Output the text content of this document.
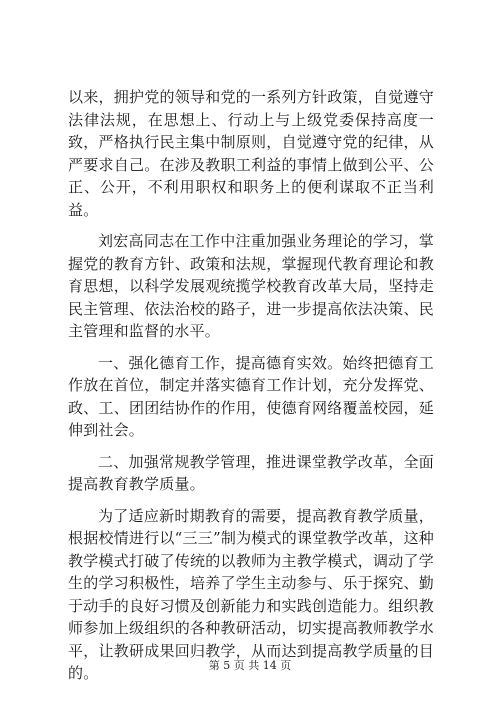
以来，拥护党的领导和党的一系列方针政策，自觉遵守法律法规，在思想上、行动上与上级党委保持高度一致，严格执行民主集中制原则，自觉遵守党的纪律，从严要求自己。在涉及教职工利益的事情上做到公平、公正、公开，不利用职权和职务上的便利谋取不正当利益。

刘宏高同志在工作中注重加强业务理论的学习，掌握党的教育方针、政策和法规，掌握现代教育理论和教育思想，以科学发展观统揽学校教育改革大局，坚持走民主管理、依法治校的路子，进一步提高依法决策、民主管理和监督的水平。

一、强化德育工作，提高德育实效。始终把德育工作放在首位，制定并落实德育工作计划，充分发挥党、政、工、团团结协作的作用，使德育网络覆盖校园，延伸到社会。

二、加强常规教学管理，推进课堂教学改革，全面提高教育教学质量。

为了适应新时期教育的需要，提高教育教学质量，根据校情进行以“三三”制为模式的课堂教学改革，这种教学模式打破了传统的以教师为主教学模式，调动了学生的学习积极性，培养了学生主动参与、乐于探究、勤于动手的良好习惯及创新能力和实践创造能力。组织教师参加上级组织的各种教研活动，切实提高教师教学水平，让教研成果回归教学，从而达到提高教学质量的目的。	第 5 页 共 14 页
